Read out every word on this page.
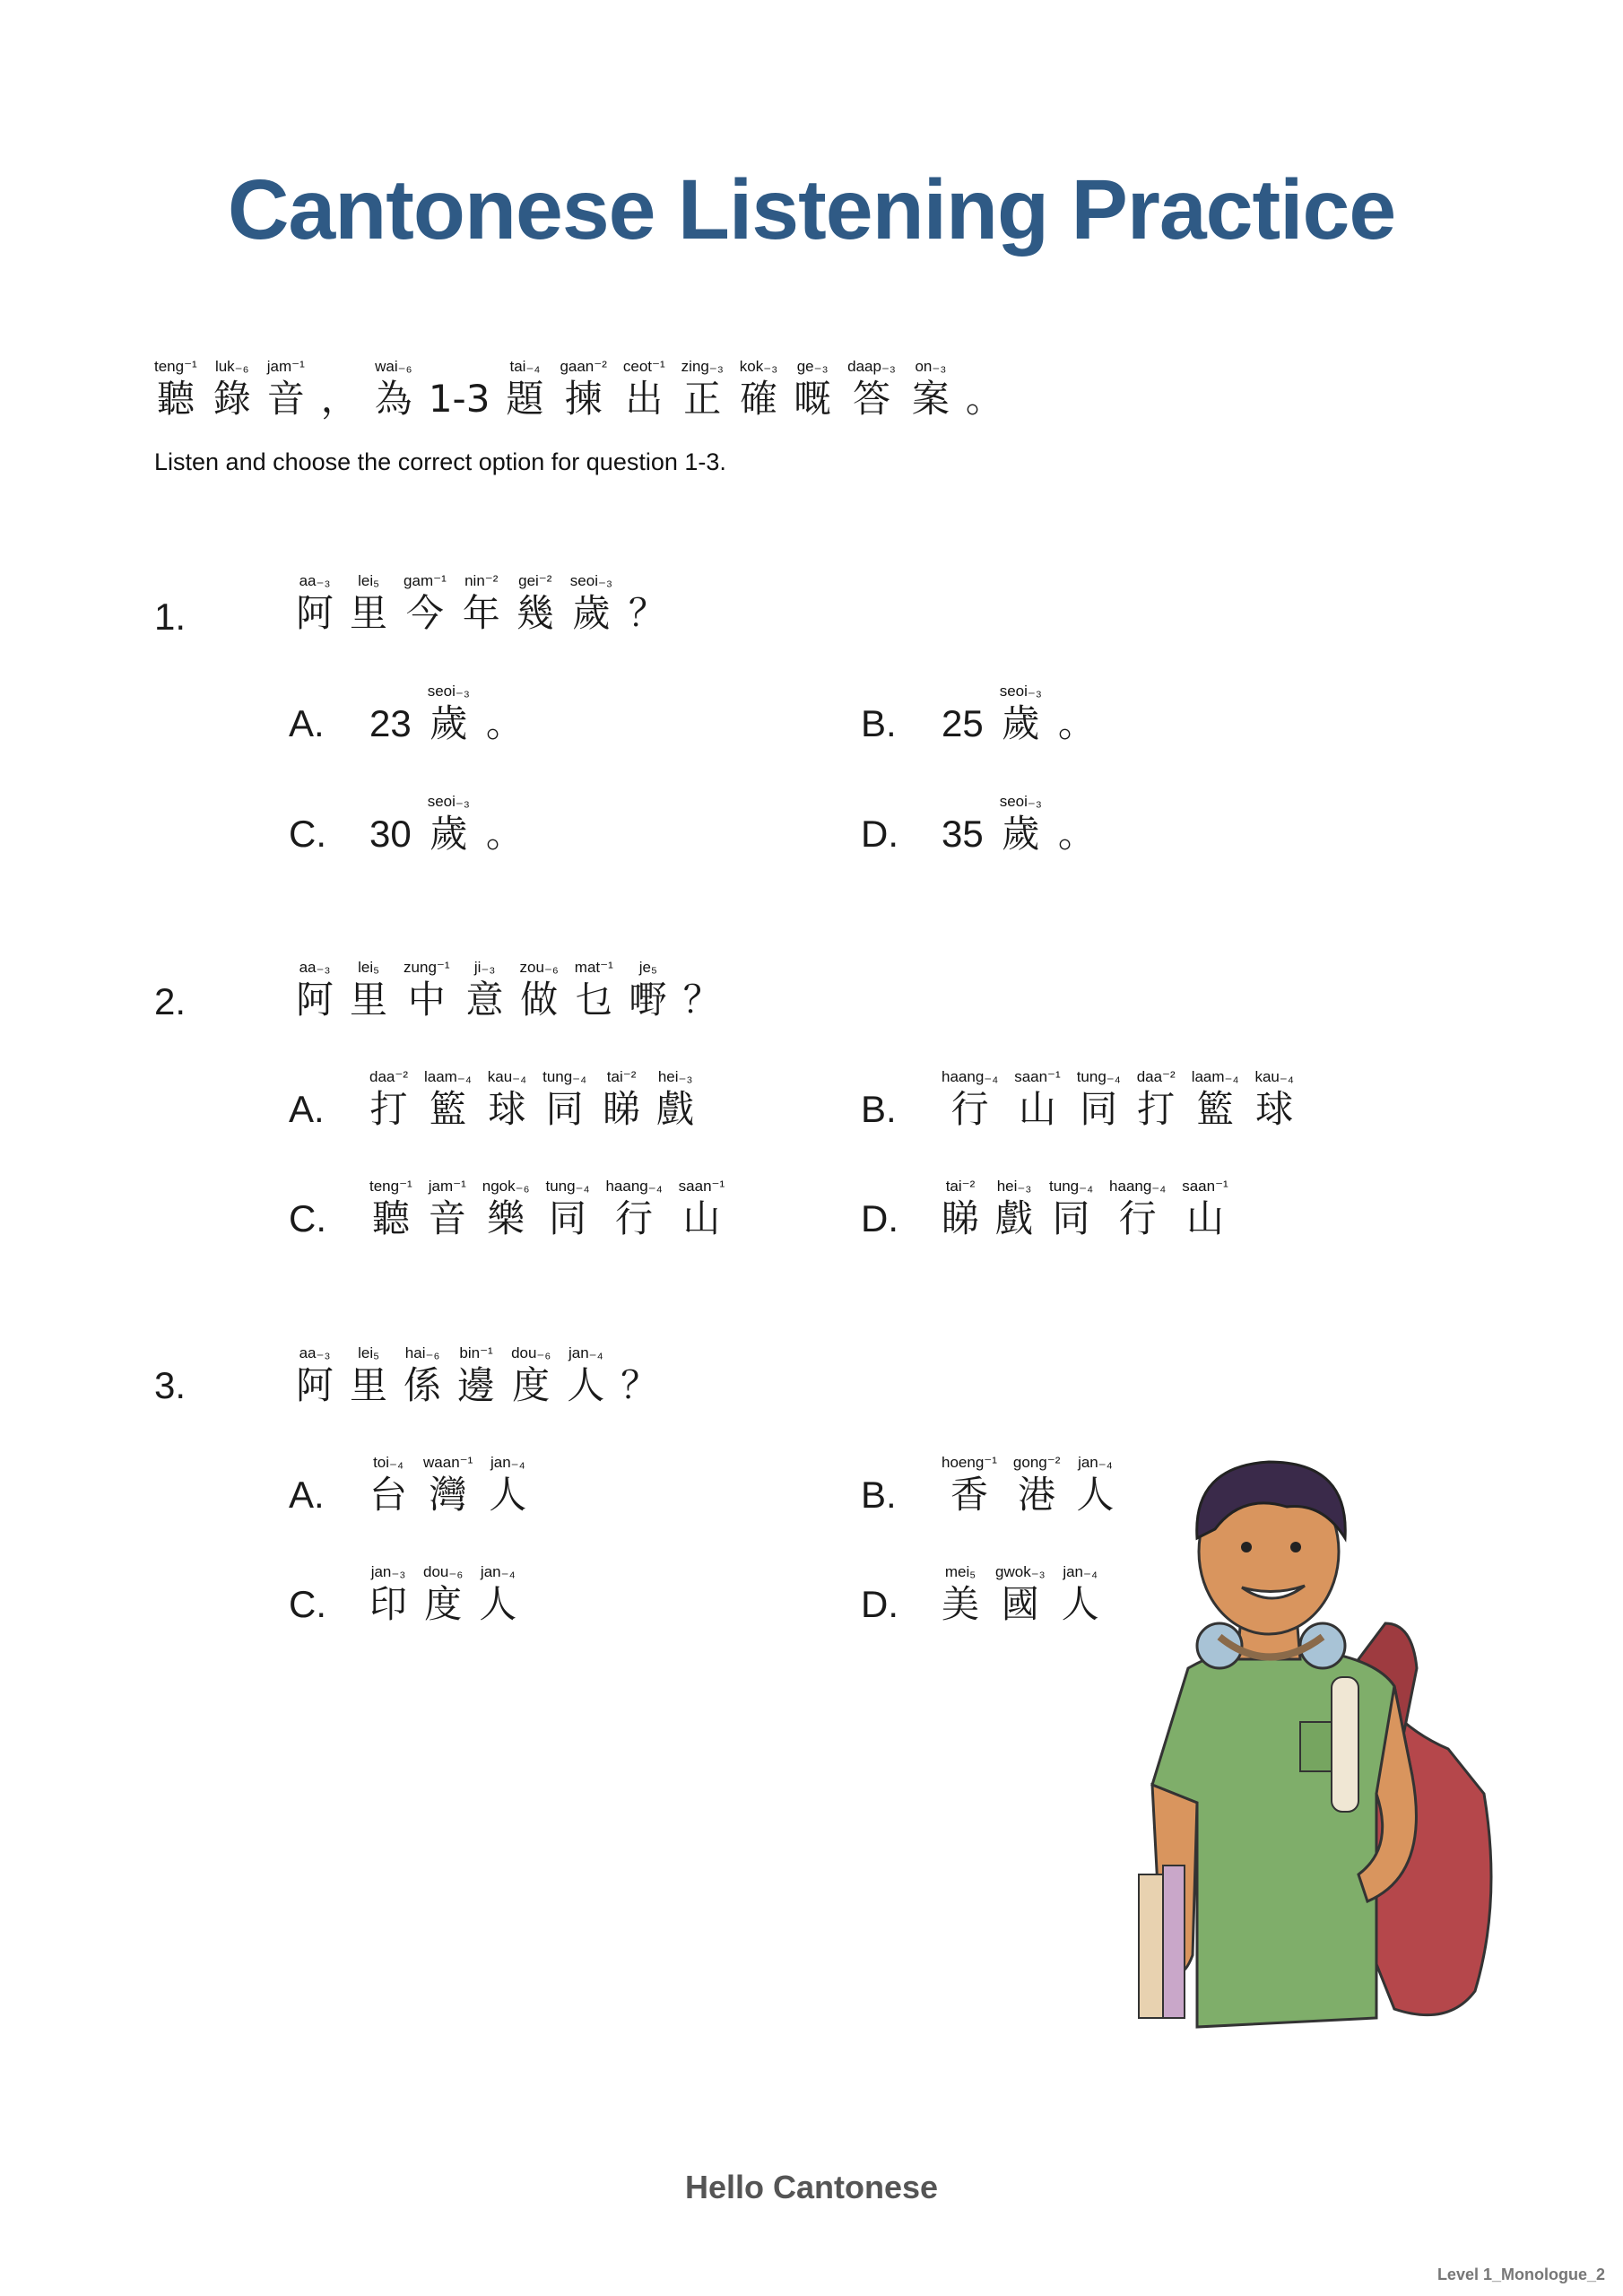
Cantonese Listening Practice
teng⁻¹
聽
luk₋₆
錄
jam⁻¹
音 ，
wai₋₆
為 1-3
tai₋₄
題
gaan⁻²
揀
ceot⁻¹
出
zing₋₃
正
kok₋₃
確
ge₋₃
嘅
daap₋₃
答
on₋₃
案 。

Listen and choose the correct option for question 1-3.

1.
aa₋₃
阿
lei₅
里
gam⁻¹
今
nin⁻²
年
gei⁻²
幾
seoi₋₃
歲 ？
A.	23
seoi₋₃
歲 。	B.	25
seoi₋₃
歲 。
C.	30
seoi₋₃
歲 。	D.	35
seoi₋₃
歲 。
2.
aa₋₃
阿
lei₅
里
zung⁻¹
中
ji₋₃
意
zou₋₆
做
mat⁻¹
乜
je₅
嘢 ？
A.
daa⁻²
打
laam₋₄
籃
kau₋₄
球
tung₋₄
同
tai⁻²
睇
hei₋₃
戲	B.
haang₋₄
行
saan⁻¹
山
tung₋₄
同
daa⁻²
打
laam₋₄
籃
kau₋₄
球
C.
teng⁻¹
聽
jam⁻¹
音
ngok₋₆
樂
tung₋₄
同
haang₋₄
行
saan⁻¹
山	D.
tai⁻²
睇
hei₋₃
戲
tung₋₄
同
haang₋₄
行
saan⁻¹
山
3.
aa₋₃
阿
lei₅
里
hai₋₆
係
bin⁻¹
邊
dou₋₆
度
jan₋₄
人 ？
A.
toi₋₄
台
waan⁻¹
灣
jan₋₄
人	B.
hoeng⁻¹
香
gong⁻²
港
jan₋₄
人
C.
jan₋₃
印
dou₋₆
度
jan₋₄
人	D.
mei₅
美
gwok₋₃
國
jan₋₄
人
Hello Cantonese
Level 1_Monologue_2
